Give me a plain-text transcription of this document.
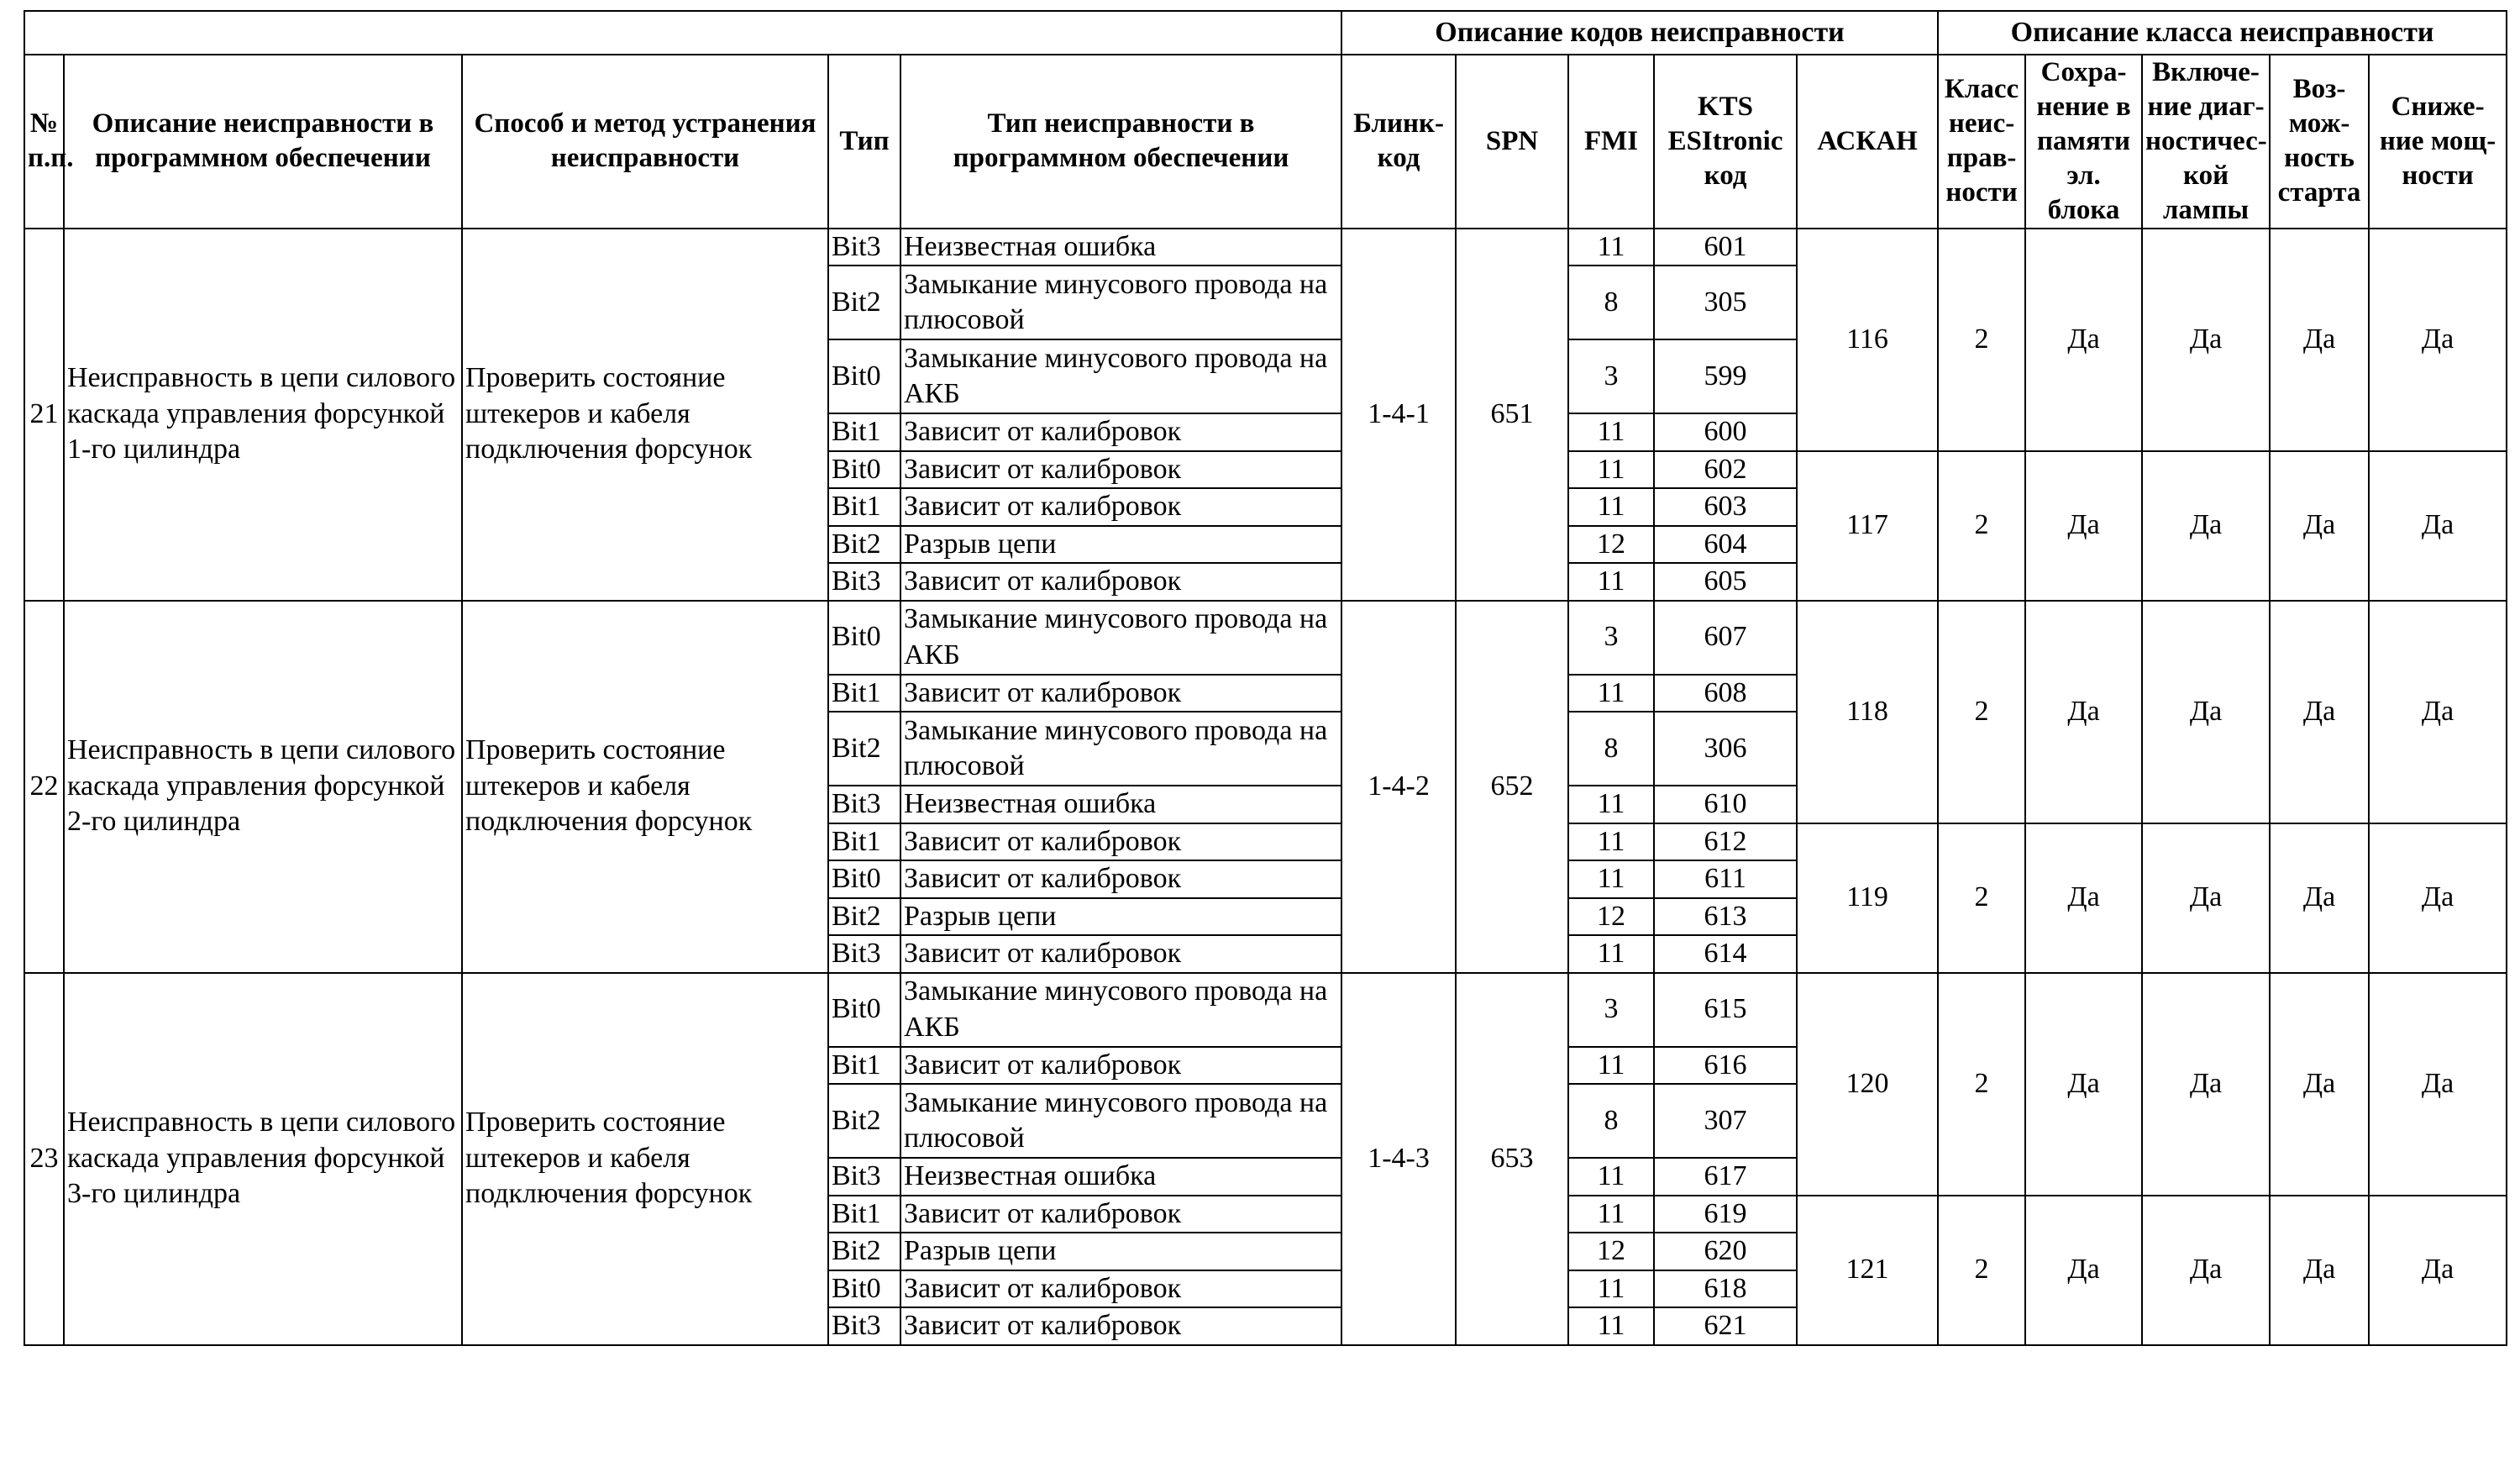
					Описание кодов неисправности					Описание класса неисправности				
№ п.п.	Описание неисправности в программном обеспечении	Способ и метод устранения неисправности	Тип	Тип неисправности в программном обеспечении	Блинк-код	SPN	FMI	KTS ESItronic код	АСКАН	Класс неис-прав-ности	Сохра-нение в памяти эл. блока	Включе-ние диаг-ностичес-кой лампы	Воз-мож-ность старта	Сниже-ние мощ-ности
21	Неисправность в цепи силового каскада управления форсункой 1-го цилиндра	Проверить состояние штекеров и кабеля подключения форсунок	Bit3	Неизвестная ошибка	1-4-1	651	11	601	116	2	Да	Да	Да	Да
			Bit2	Замыкание минусового провода на плюсовой			8	305						
			Bit0	Замыкание минусового провода на АКБ			3	599						
			Bit1	Зависит от калибровок			11	600						
			Bit0	Зависит от калибровок			11	602	117	2	Да	Да	Да	Да
			Bit1	Зависит от калибровок			11	603						
			Bit2	Разрыв цепи			12	604						
			Bit3	Зависит от калибровок			11	605						
22	Неисправность в цепи силового каскада управления форсункой 2-го цилиндра	Проверить состояние штекеров и кабеля подключения форсунок	Bit0	Замыкание минусового провода на АКБ	1-4-2	652	3	607	118	2	Да	Да	Да	Да
			Bit1	Зависит от калибровок			11	608						
			Bit2	Замыкание минусового провода на плюсовой			8	306						
			Bit3	Неизвестная ошибка			11	610						
			Bit1	Зависит от калибровок			11	612	119	2	Да	Да	Да	Да
			Bit0	Зависит от калибровок			11	611						
			Bit2	Разрыв цепи			12	613						
			Bit3	Зависит от калибровок			11	614						
23	Неисправность в цепи силового каскада управления форсункой 3-го цилиндра	Проверить состояние штекеров и кабеля подключения форсунок	Bit0	Замыкание минусового провода на АКБ	1-4-3	653	3	615	120	2	Да	Да	Да	Да
			Bit1	Зависит от калибровок			11	616						
			Bit2	Замыкание минусового провода на плюсовой			8	307						
			Bit3	Неизвестная ошибка			11	617						
			Bit1	Зависит от калибровок			11	619	121	2	Да	Да	Да	Да
			Bit2	Разрыв цепи			12	620						
			Bit0	Зависит от калибровок			11	618						
			Bit3	Зависит от калибровок			11	621						
